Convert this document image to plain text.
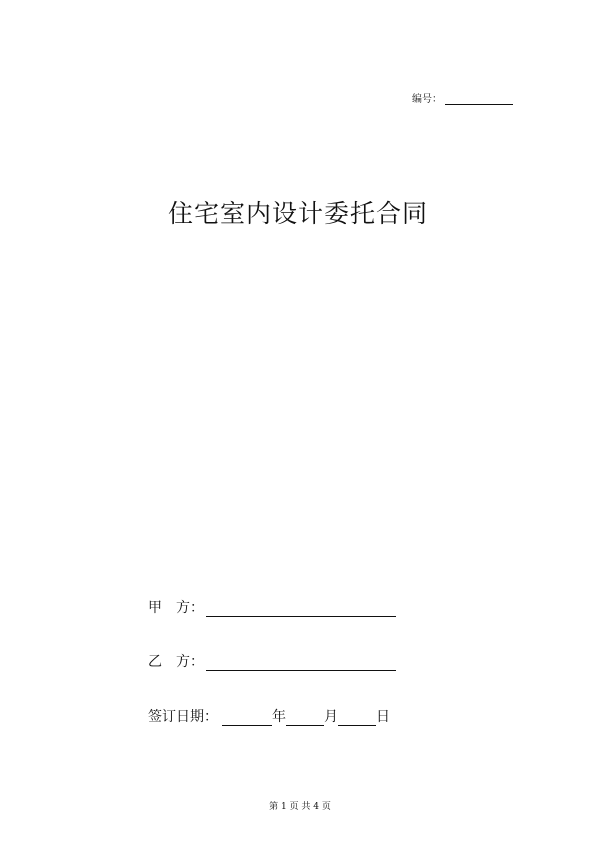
编号：
住宅室内设计委托合同
甲 方：
乙 方：
签订日期：	年	月	日
第 1 页 共 4 页
